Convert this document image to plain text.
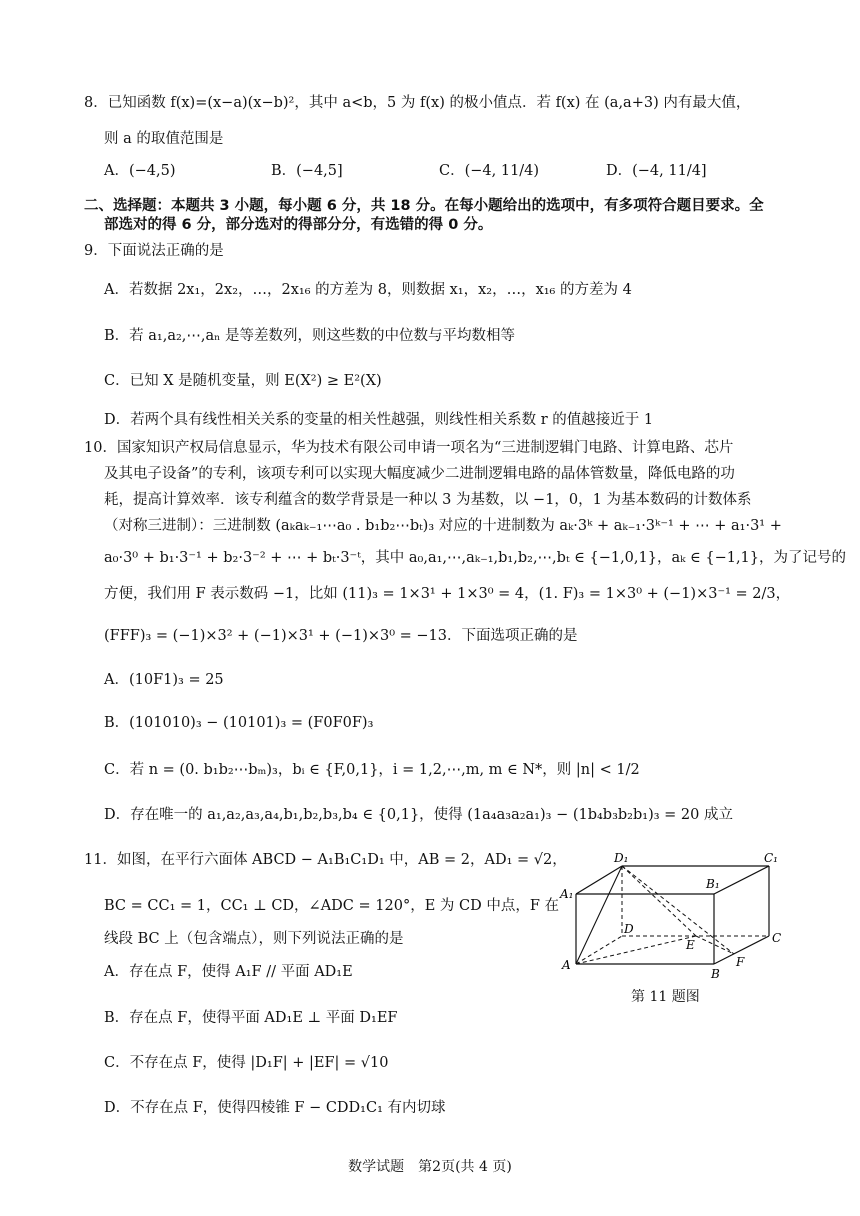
8．已知函数 f(x)=(x−a)(x−b)²，其中 a<b，5 为 f(x) 的极小值点．若 f(x) 在 (a,a+3) 内有最大值，
则 a 的取值范围是
A．(−4,5)	B．(−4,5]	C．(−4, 11/4)	D．(−4, 11/4]
二、选择题：本题共 3 小题，每小题 6 分，共 18 分。在每小题给出的选项中，有多项符合题目要求。全
部选对的得 6 分，部分选对的得部分分，有选错的得 0 分。
9．下面说法正确的是
A．若数据 2x₁，2x₂，…，2x₁₆ 的方差为 8，则数据 x₁，x₂，…，x₁₆ 的方差为 4
B．若 a₁,a₂,⋯,aₙ 是等差数列，则这些数的中位数与平均数相等
C．已知 X 是随机变量，则 E(X²) ≥ E²(X)
D．若两个具有线性相关关系的变量的相关性越强，则线性相关系数 r 的值越接近于 1
10．国家知识产权局信息显示，华为技术有限公司申请一项名为“三进制逻辑门电路、计算电路、芯片
及其电子设备”的专利，该项专利可以实现大幅度减少二进制逻辑电路的晶体管数量，降低电路的功
耗，提高计算效率．该专利蕴含的数学背景是一种以 3 为基数，以 −1，0，1 为基本数码的计数体系
（对称三进制）：三进制数 (aₖaₖ₋₁⋯a₀ . b₁b₂⋯bₜ)₃ 对应的十进制数为 aₖ·3ᵏ + aₖ₋₁·3ᵏ⁻¹ + ⋯ + a₁·3¹ +
a₀·3⁰ + b₁·3⁻¹ + b₂·3⁻² + ⋯ + bₜ·3⁻ᵗ，其中 a₀,a₁,⋯,aₖ₋₁,b₁,b₂,⋯,bₜ ∈ {−1,0,1}，aₖ ∈ {−1,1}，为了记号的
方便，我们用 F 表示数码 −1，比如 (11)₃ = 1×3¹ + 1×3⁰ = 4，(1. F)₃ = 1×3⁰ + (−1)×3⁻¹ = 2/3，
(FFF)₃ = (−1)×3² + (−1)×3¹ + (−1)×3⁰ = −13．下面选项正确的是
A．(10F1)₃ = 25
B．(101010)₃ − (10101)₃ = (F0F0F)₃
C．若 n = (0. b₁b₂⋯bₘ)₃，bᵢ ∈ {F,0,1}，i = 1,2,⋯,m, m ∈ N*，则 |n| < 1/2
D．存在唯一的 a₁,a₂,a₃,a₄,b₁,b₂,b₃,b₄ ∈ {0,1}，使得 (1a₄a₃a₂a₁)₃ − (1b₄b₃b₂b₁)₃ = 20 成立
11．如图，在平行六面体 ABCD − A₁B₁C₁D₁ 中，AB = 2，AD₁ = √2，
BC = CC₁ = 1，CC₁ ⊥ CD，∠ADC = 120°，E 为 CD 中点，F 在
线段 BC 上（包含端点），则下列说法正确的是
A．存在点 F，使得 A₁F // 平面 AD₁E
B．存在点 F，使得平面 AD₁E ⊥ 平面 D₁EF
C．不存在点 F，使得 |D₁F| + |EF| = √10
D．不存在点 F，使得四棱锥 F − CDD₁C₁ 有内切球
D₁	C₁
A₁
B₁
D
C
E
F
A
B
第 11 题图
数学试题　第2页(共 4 页)
